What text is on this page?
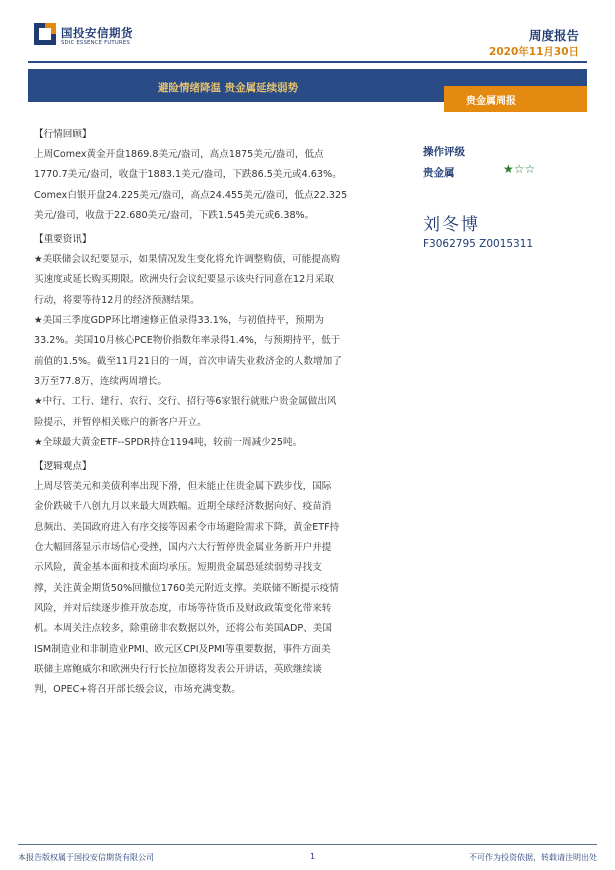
国投安信期货
SDIC ESSENCE FUTURES	周度报告
2020年11月30日
避险情绪降温 贵金属延续弱势
贵金属周报
操作评级
贵金属	★☆☆
刘冬博
F3062795 Z0015311
【行情回顾】
上周Comex黄金开盘1869.8美元/盎司，高点1875美元/盎司，低点
1770.7美元/盎司，收盘于1883.1美元/盎司，下跌86.5美元或4.63%。
Comex白银开盘24.225美元/盎司，高点24.455美元/盎司，低点22.325
美元/盎司，收盘于22.680美元/盎司，下跌1.545美元或6.38%。
【重要资讯】
★美联储会议纪要显示，如果情况发生变化将允许调整购债，可能提高购
买速度或延长购买期限。欧洲央行会议纪要显示该央行同意在12月采取
行动，将要等待12月的经济预测结果。
★美国三季度GDP环比增速修正值录得33.1%，与初值持平，预期为
33.2%。美国10月核心PCE物价指数年率录得1.4%，与预期持平，低于
前值的1.5%。截至11月21日的一周，首次申请失业救济金的人数增加了
3万至77.8万，连续两周增长。
★中行、工行、建行、农行、交行、招行等6家银行就账户贵金属做出风
险提示，并暂停相关账户的新客户开立。
★全球最大黄金ETF--SPDR持仓1194吨，较前一周减少25吨。
【逻辑观点】
上周尽管美元和美债利率出现下滑，但未能止住贵金属下跌步伐，国际
金价跌破千八创九月以来最大周跌幅。近期全球经济数据向好、疫苗消
息频出、美国政府进入有序交接等因素令市场避险需求下降，黄金ETF持
仓大幅回落显示市场信心受挫，国内六大行暂停贵金属业务新开户并提
示风险，黄金基本面和技术面均承压。短期贵金属恐延续弱势寻找支
撑，关注黄金期货50%回撤位1760美元附近支撑。美联储不断提示疫情
风险，并对后续逐步推开放态度，市场等待货币及财政政策变化带来转
机。本周关注点较多，除重磅非农数据以外，还将公布美国ADP、美国
ISM制造业和非制造业PMI、欧元区CPI及PMI等重要数据，事件方面美
联储主席鲍威尔和欧洲央行行长拉加德将发表公开讲话，英欧继续谈
判，OPEC+将召开部长级会议，市场充满变数。
本报告版权属于国投安信期货有限公司	1	不可作为投资依据，转载请注明出处
